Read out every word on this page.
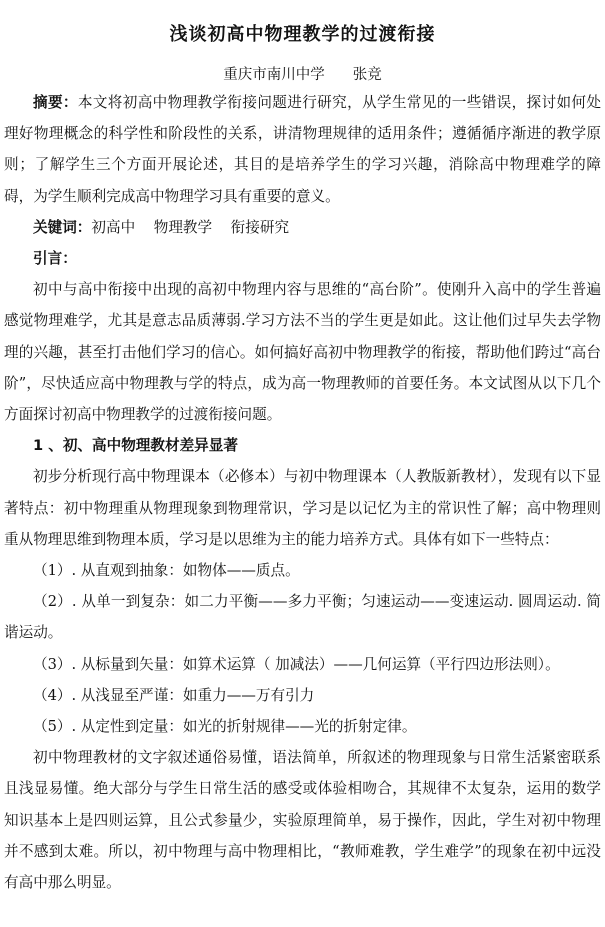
浅谈初高中物理教学的过渡衔接
重庆市南川中学 张竞

摘要：本文将初高中物理教学衔接问题进行研究，从学生常见的一些错误，探讨如何处理好物理概念的科学性和阶段性的关系，讲清物理规律的适用条件；遵循循序渐进的教学原则；了解学生三个方面开展论述，其目的是培养学生的学习兴趣，消除高中物理难学的障碍，为学生顺利完成高中物理学习具有重要的意义。

关键词：初高中    物理教学    衔接研究

引言：

初中与高中衔接中出现的高初中物理内容与思维的“高台阶”。使刚升入高中的学生普遍感觉物理难学，尤其是意志品质薄弱.学习方法不当的学生更是如此。这让他们过早失去学物理的兴趣，甚至打击他们学习的信心。如何搞好高初中物理教学的衔接，帮助他们跨过“高台阶”，尽快适应高中物理教与学的特点，成为高一物理教师的首要任务。本文试图从以下几个方面探讨初高中物理教学的过渡衔接问题。

1 、初、高中物理教材差异显著

初步分析现行高中物理课本（必修本）与初中物理课本（人教版新教材），发现有以下显著特点：初中物理重从物理现象到物理常识，学习是以记忆为主的常识性了解；高中物理则重从物理思维到物理本质，学习是以思维为主的能力培养方式。具体有如下一些特点：

（1）. 从直观到抽象：如物体——质点。

（2）. 从单一到复杂：如二力平衡——多力平衡；匀速运动——变速运动. 圆周运动. 简谐运动。

（3）. 从标量到矢量：如算术运算（ 加减法）——几何运算（平行四边形法则）。

（4）. 从浅显至严谨：如重力——万有引力

（5）. 从定性到定量：如光的折射规律——光的折射定律。

初中物理教材的文字叙述通俗易懂，语法简单，所叙述的物理现象与日常生活紧密联系且浅显易懂。绝大部分与学生日常生活的感受或体验相吻合，其规律不太复杂，运用的数学知识基本上是四则运算，且公式参量少，实验原理简单，易于操作，因此，学生对初中物理并不感到太难。所以，初中物理与高中物理相比，“教师难教，学生难学”的现象在初中远没有高中那么明显。
